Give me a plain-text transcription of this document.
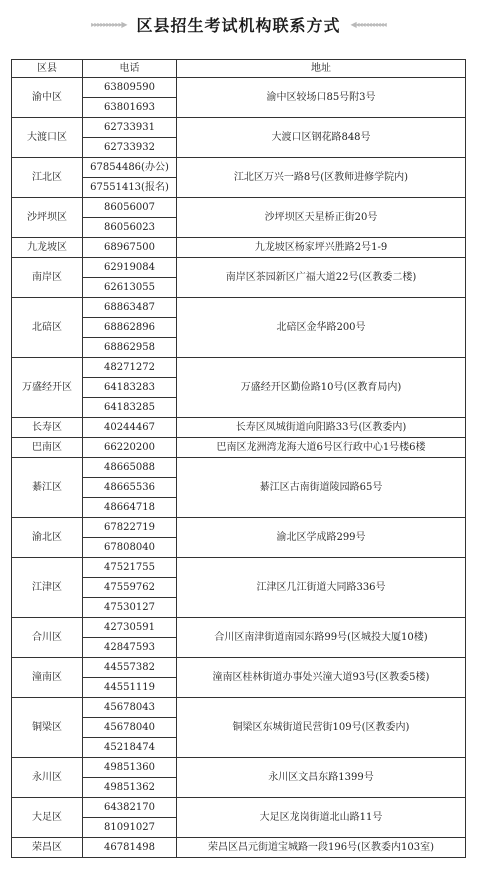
▸▸▸▸▸▸▸▸▸▸▶ 区县招生考试机构联系方式 ◀◂◂◂◂◂◂◂◂◂◂
区县	电话	地址
渝中区	63809590	渝中区较场口85号附3号
	63801693	
大渡口区	62733931	大渡口区钢花路848号
	62733932	
江北区	67854486(办公)	江北区万兴一路8号(区教师进修学院内)
	67551413(报名)	
沙坪坝区	86056007	沙坪坝区天星桥正街20号
	86056023	
九龙坡区	68967500	九龙坡区杨家坪兴胜路2号1-9
南岸区	62919084	南岸区茶园新区广福大道22号(区教委二楼)
	62613055	
北碚区	68863487	北碚区金华路200号
	68862896	
	68862958	
万盛经开区	48271272	万盛经开区勤俭路10号(区教育局内)
	64183283	
	64183285	
长寿区	40244467	长寿区凤城街道向阳路33号(区教委内)
巴南区	66220200	巴南区龙洲湾龙海大道6号区行政中心1号楼6楼
綦江区	48665088	綦江区古南街道陵园路65号
	48665536	
	48664718	
渝北区	67822719	渝北区学成路299号
	67808040	
江津区	47521755	江津区几江街道大同路336号
	47559762	
	47530127	
合川区	42730591	合川区南津街道南园东路99号(区城投大厦10楼)
	42847593	
潼南区	44557382	潼南区桂林街道办事处兴潼大道93号(区教委5楼)
	44551119	
铜梁区	45678043	铜梁区东城街道民营街109号(区教委内)
	45678040	
	45218474	
永川区	49851360	永川区文昌东路1399号
	49851362	
大足区	64382170	大足区龙岗街道北山路11号
	81091027	
荣昌区	46781498	荣昌区昌元街道宝城路一段196号(区教委内103室)
